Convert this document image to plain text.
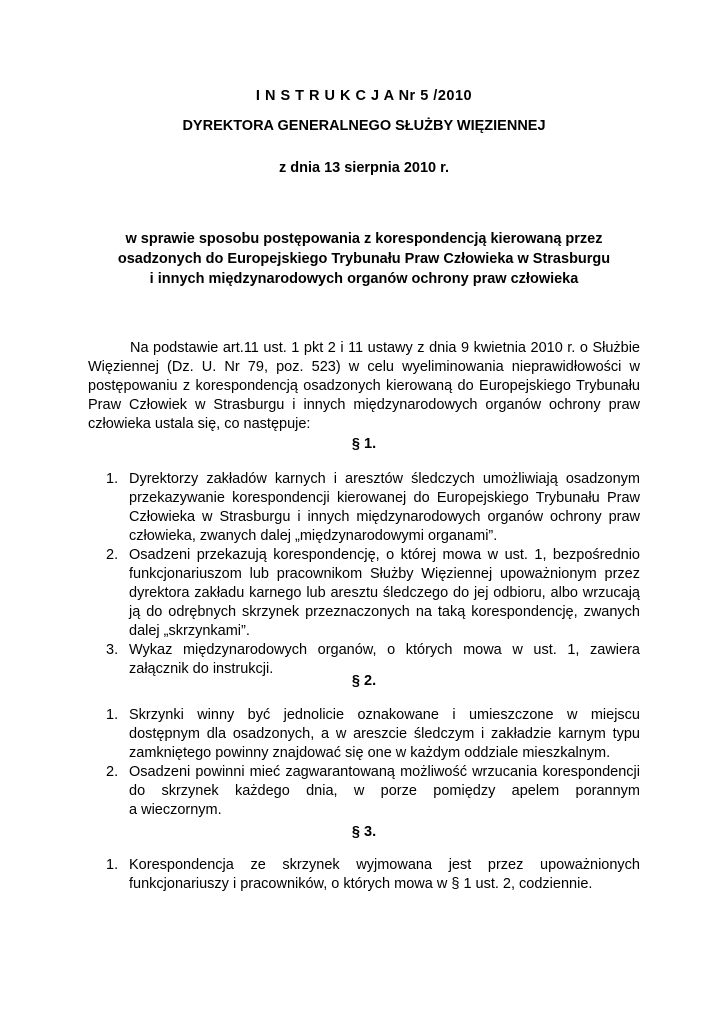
I N S T R U K C J A Nr 5 /2010

DYREKTORA GENERALNEGO SŁUŻBY WIĘZIENNEJ

z dnia 13 sierpnia 2010 r.

w sprawie sposobu postępowania z korespondencją kierowaną przez
osadzonych do Europejskiego Trybunału Praw Człowieka w Strasburgu
i innych międzynarodowych organów ochrony praw człowieka

Na podstawie art.11 ust. 1 pkt 2 i 11 ustawy z dnia 9 kwietnia 2010 r. o Służbie
Więziennej (Dz. U. Nr 79, poz. 523) w celu wyeliminowania nieprawidłowości w
postępowaniu z korespondencją osadzonych kierowaną do Europejskiego Trybunału
Praw Człowiek w Strasburgu i innych międzynarodowych organów ochrony praw
człowieka ustala się, co następuje:

§ 1.

1. Dyrektorzy zakładów karnych i aresztów śledczych umożliwiają osadzonym
przekazywanie korespondencji kierowanej do Europejskiego Trybunału Praw
Człowieka w Strasburgu i innych międzynarodowych organów ochrony praw
człowieka, zwanych dalej „międzynarodowymi organami”.
2. Osadzeni przekazują korespondencję, o której mowa w ust. 1, bezpośrednio
funkcjonariuszom lub pracownikom Służby Więziennej upoważnionym przez
dyrektora zakładu karnego lub aresztu śledczego do jej odbioru, albo wrzucają
ją do odrębnych skrzynek przeznaczonych na taką korespondencję, zwanych
dalej „skrzynkami”.
3. Wykaz międzynarodowych organów, o których mowa w ust. 1, zawiera
załącznik do instrukcji.

§ 2.

1. Skrzynki winny być jednolicie oznakowane i umieszczone w miejscu
dostępnym dla osadzonych, a w areszcie śledczym i zakładzie karnym typu
zamkniętego powinny znajdować się one w każdym oddziale mieszkalnym.
2. Osadzeni powinni mieć zagwarantowaną możliwość wrzucania korespondencji
do skrzynek każdego dnia, w porze pomiędzy apelem porannym
a wieczornym.

§ 3.

1. Korespondencja ze skrzynek wyjmowana jest przez upoważnionych
funkcjonariuszy i pracowników, o których mowa w § 1 ust. 2, codziennie.
